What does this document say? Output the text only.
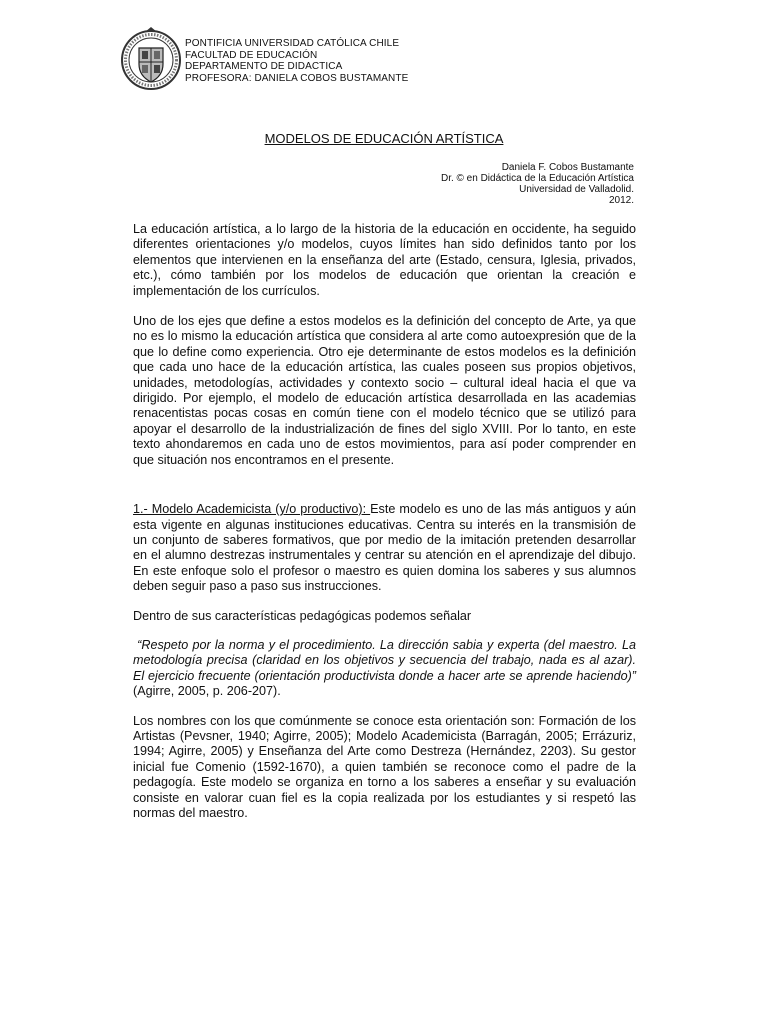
PONTIFICIA UNIVERSIDAD CATÓLICA CHILE
FACULTAD DE EDUCACIÓN
DEPARTAMENTO DE DIDACTICA
PROFESORA: DANIELA COBOS BUSTAMANTE
MODELOS DE EDUCACIÓN ARTÍSTICA
Daniela F. Cobos Bustamante
Dr. © en Didáctica de la Educación Artística
Universidad de Valladolid.
2012.

La educación artística, a lo largo de la historia de la educación en occidente, ha seguido diferentes orientaciones y/o modelos, cuyos límites han sido definidos tanto por los elementos que intervienen en la enseñanza del arte (Estado, censura, Iglesia, privados, etc.), cómo también por los modelos de educación que orientan la creación e implementación de los currículos.

Uno de los ejes que define a estos modelos es la definición del concepto de Arte, ya que no es lo mismo la educación artística que considera al arte como autoexpresión que de la que lo define como experiencia. Otro eje determinante de estos modelos es la definición que cada uno hace de la educación artística, las cuales poseen sus propios objetivos, unidades, metodologías, actividades y contexto socio – cultural ideal hacia el que va dirigido. Por ejemplo, el modelo de educación artística desarrollada en las academias renacentistas pocas cosas en común tiene con el modelo técnico que se utilizó para apoyar el desarrollo de la industrialización de fines del siglo XVIII. Por lo tanto, en este texto ahondaremos en cada uno de estos movimientos, para así poder comprender en que situación nos encontramos en el presente.

1.- Modelo Academicista (y/o productivo): Este modelo es uno de las más antiguos y aún esta vigente en algunas instituciones educativas. Centra su interés en la transmisión de un conjunto de saberes formativos, que por medio de la imitación pretenden desarrollar en el alumno destrezas instrumentales y centrar su atención en el aprendizaje del dibujo. En este enfoque solo el profesor o maestro es quien domina los saberes y sus alumnos deben seguir paso a paso sus instrucciones.

Dentro de sus características pedagógicas podemos señalar

“Respeto por la norma y el procedimiento. La dirección sabia y experta (del maestro. La metodología precisa (claridad en los objetivos y secuencia del trabajo, nada es al azar). El ejercicio frecuente (orientación productivista donde a hacer arte se aprende haciendo)” (Agirre, 2005, p. 206-207).

Los nombres con los que comúnmente se conoce esta orientación son: Formación de los Artistas (Pevsner, 1940; Agirre, 2005); Modelo Academicista (Barragán, 2005; Errázuriz, 1994; Agirre, 2005) y Enseñanza del Arte como Destreza (Hernández, 2203). Su gestor inicial fue Comenio (1592-1670), a quien también se reconoce como el padre de la pedagogía. Este modelo se organiza en torno a los saberes a enseñar y su evaluación consiste en valorar cuan fiel es la copia realizada por los estudiantes y si respetó las normas del maestro.
